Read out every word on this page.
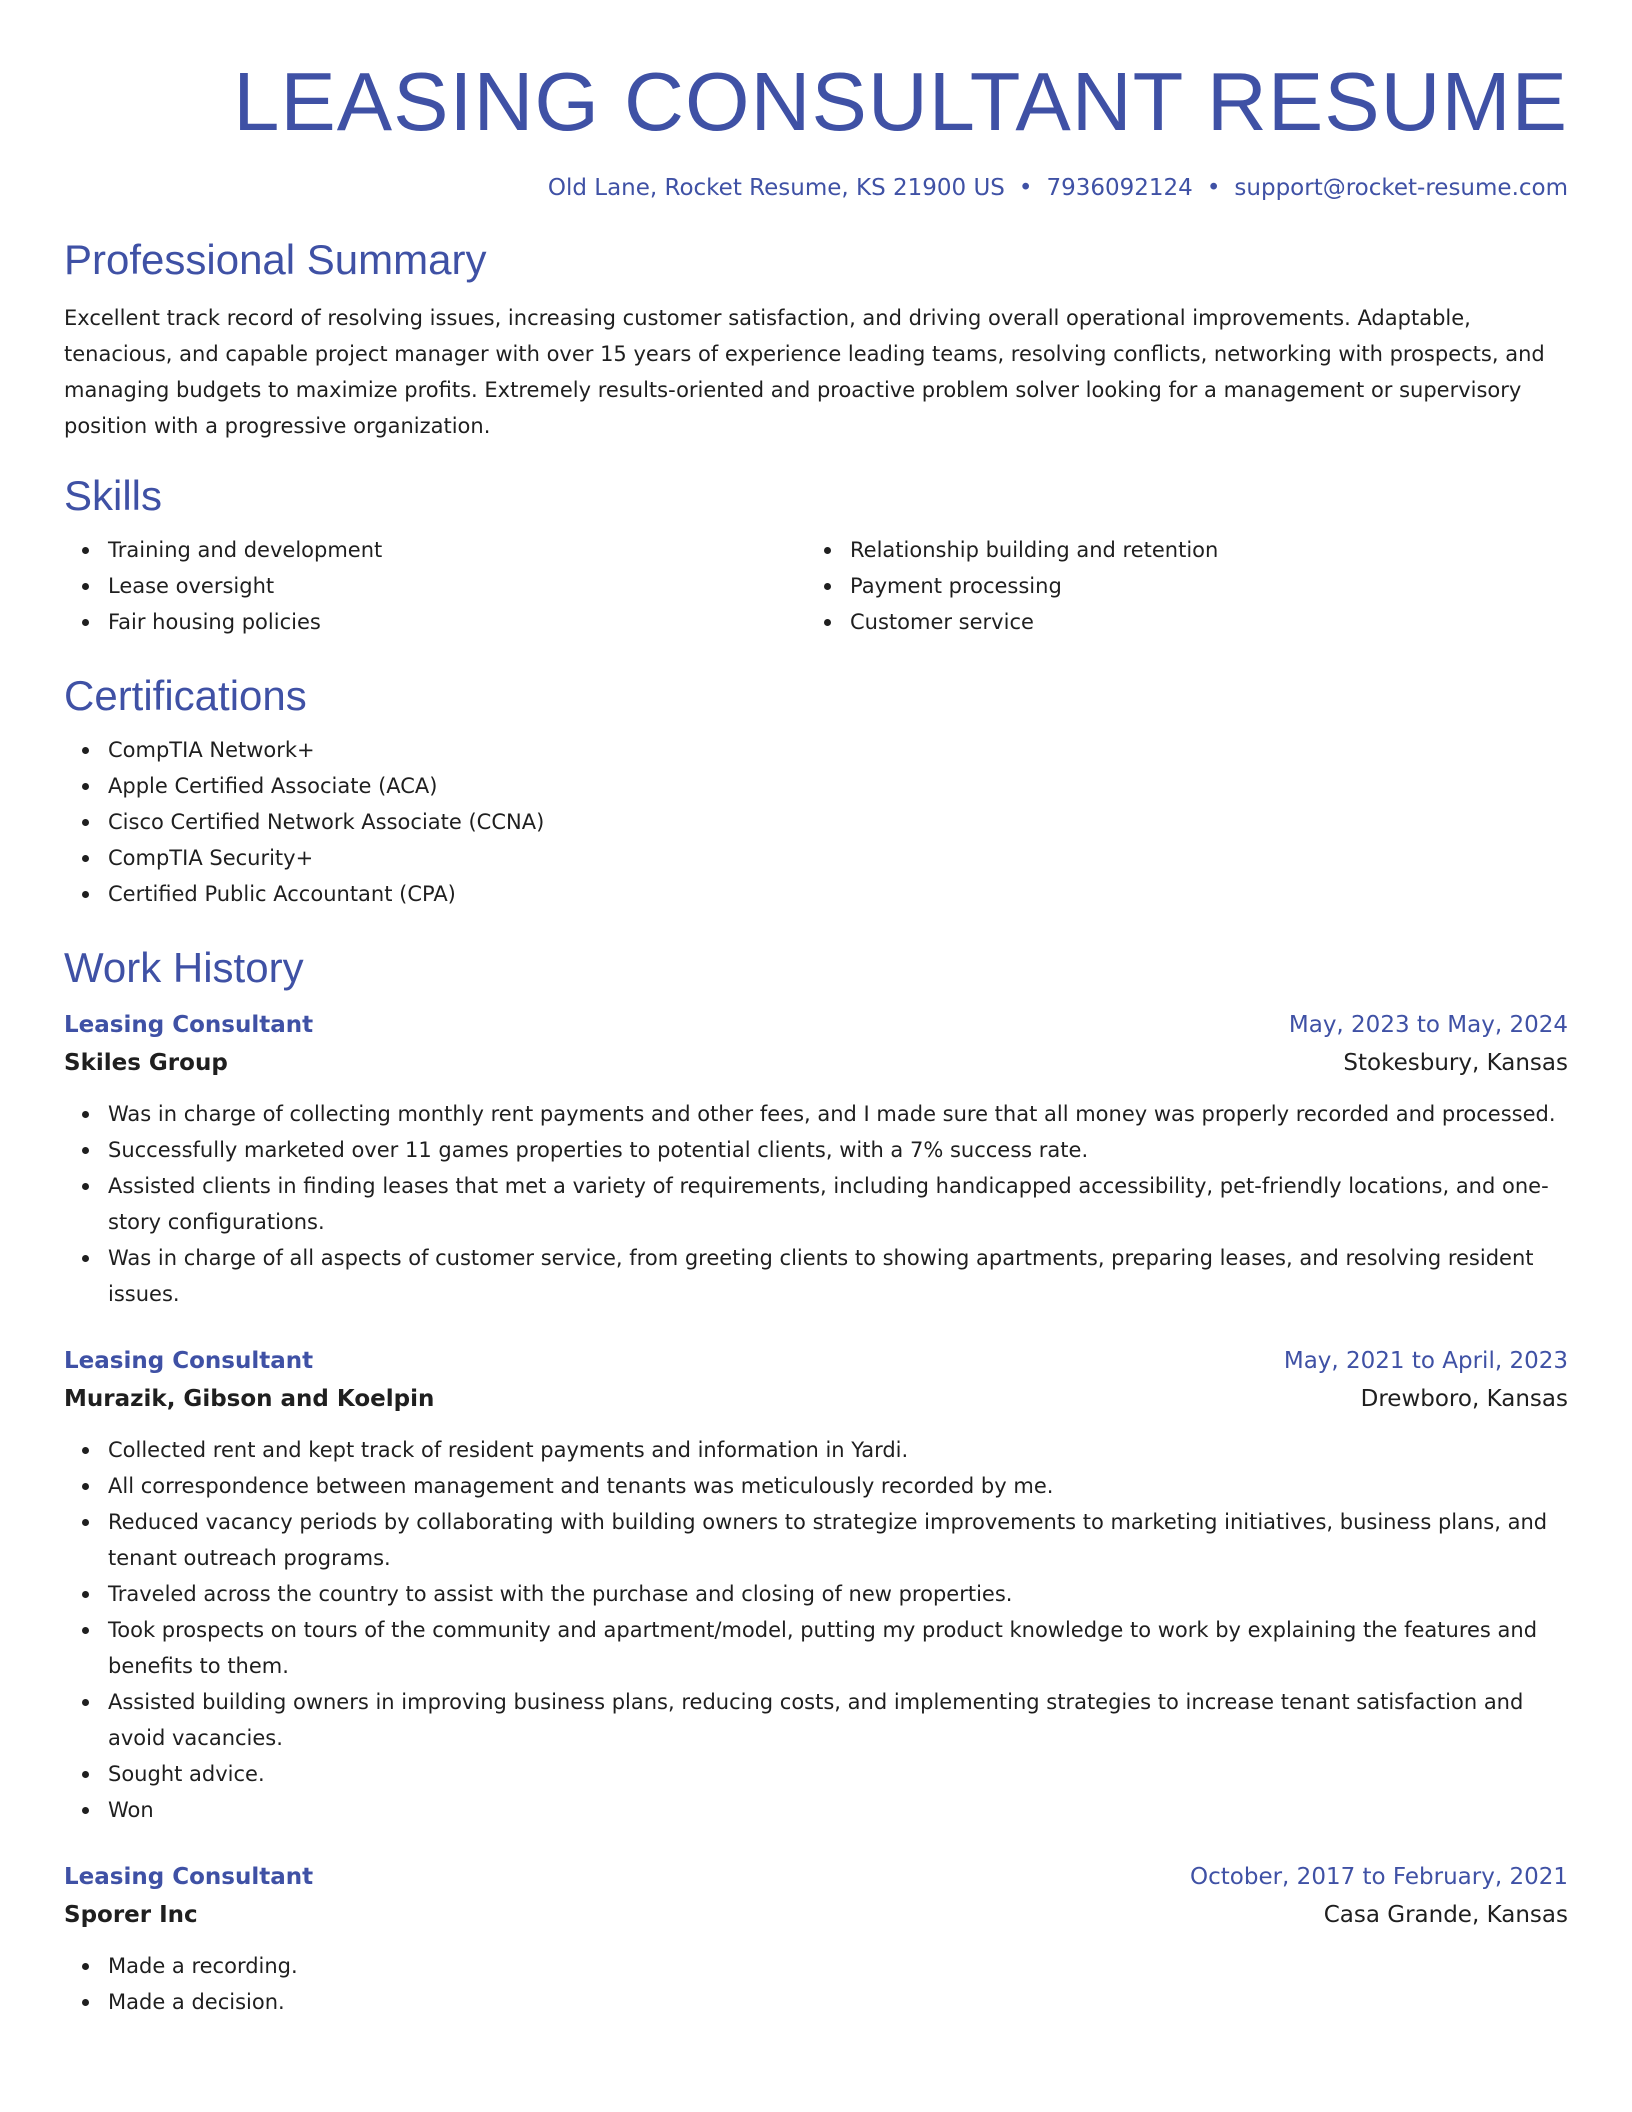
LEASING CONSULTANT RESUME
Old Lane, Rocket Resume, KS 21900 US • 7936092124 • support@rocket-resume.com
Professional Summary
Excellent track record of resolving issues, increasing customer satisfaction, and driving overall operational improvements. Adaptable, tenacious, and capable project manager with over 15 years of experience leading teams, resolving conflicts, networking with prospects, and managing budgets to maximize profits. Extremely results-oriented and proactive problem solver looking for a management or supervisory position with a progressive organization.
Skills
Training and development
Lease oversight
Fair housing policies
Relationship building and retention
Payment processing
Customer service
Certifications
CompTIA Network+
Apple Certified Associate (ACA)
Cisco Certified Network Associate (CCNA)
CompTIA Security+
Certified Public Accountant (CPA)
Work History
Leasing Consultant	May, 2023 to May, 2024
Skiles Group	Stokesbury, Kansas
Was in charge of collecting monthly rent payments and other fees, and I made sure that all money was properly recorded and processed.
Successfully marketed over 11 games properties to potential clients, with a 7% success rate.
Assisted clients in finding leases that met a variety of requirements, including handicapped accessibility, pet-friendly locations, and one-story configurations.
Was in charge of all aspects of customer service, from greeting clients to showing apartments, preparing leases, and resolving resident issues.
Leasing Consultant	May, 2021 to April, 2023
Murazik, Gibson and Koelpin	Drewboro, Kansas
Collected rent and kept track of resident payments and information in Yardi.
All correspondence between management and tenants was meticulously recorded by me.
Reduced vacancy periods by collaborating with building owners to strategize improvements to marketing initiatives, business plans, and tenant outreach programs.
Traveled across the country to assist with the purchase and closing of new properties.
Took prospects on tours of the community and apartment/model, putting my product knowledge to work by explaining the features and benefits to them.
Assisted building owners in improving business plans, reducing costs, and implementing strategies to increase tenant satisfaction and avoid vacancies.
Sought advice.
Won
Leasing Consultant	October, 2017 to February, 2021
Sporer Inc	Casa Grande, Kansas
Made a recording.
Made a decision.
